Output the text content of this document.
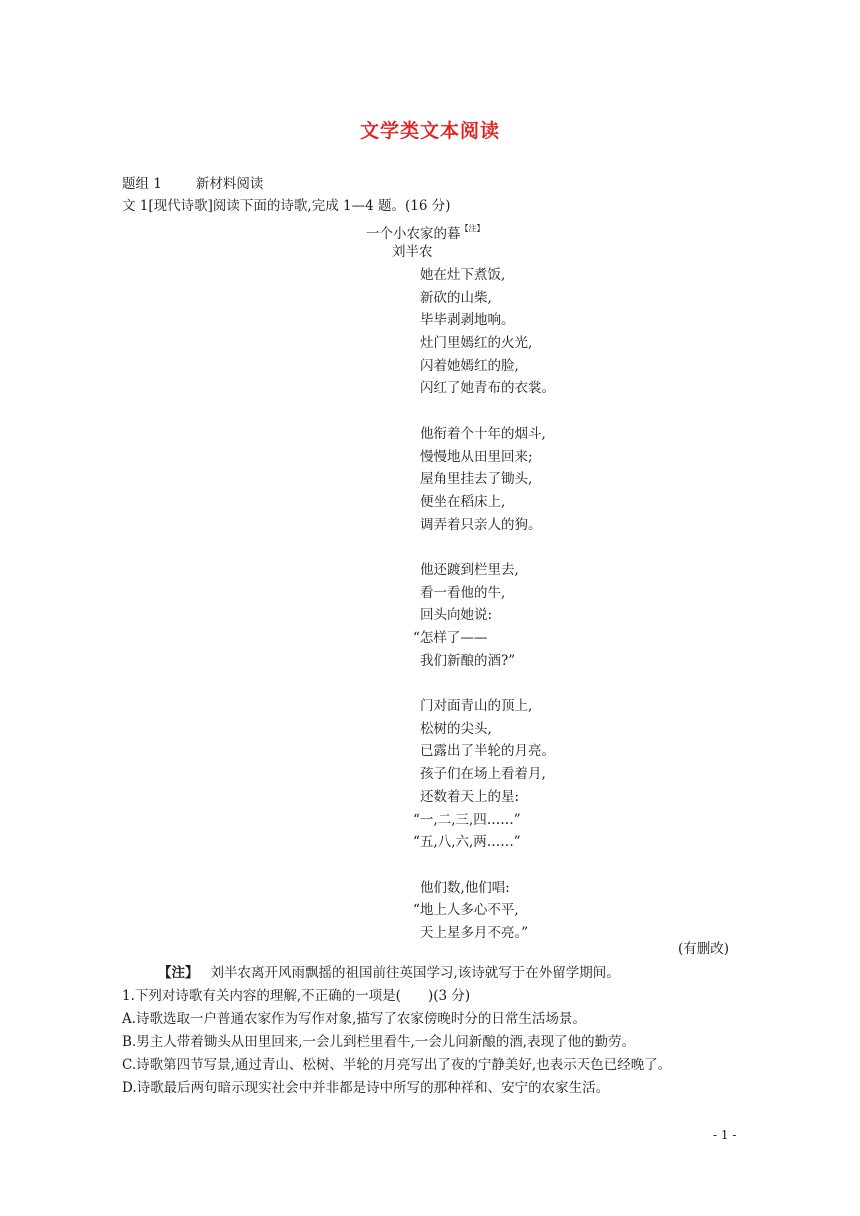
文学类文本阅读
题组 1	新材料阅读
文 1[现代诗歌]阅读下面的诗歌,完成 1—4 题。(16 分)
一个小农家的暮$^{【注】}$
刘半农
她在灶下煮饭,
新砍的山柴,
毕毕剥剥地响。
灶门里嫣红的火光,
闪着她嫣红的脸,
闪红了她青布的衣裳。
他衔着个十年的烟斗,
慢慢地从田里回来;
屋角里挂去了锄头,
便坐在稻床上,
调弄着只亲人的狗。
他还踱到栏里去,
看一看他的牛,
回头向她说:
“怎样了——
我们新酿的酒?”
门对面青山的顶上,
松树的尖头,
已露出了半轮的月亮。
孩子们在场上看着月,
还数着天上的星:
“一,二,三,四……”
“五,八,六,两……”
他们数,他们唱:
“地上人多心不平,
天上星多月不亮。”
(有删改)
【注】 刘半农离开风雨飘摇的祖国前往英国学习,该诗就写于在外留学期间。
1.下列对诗歌有关内容的理解,不正确的一项是(　　)(3 分)
A.诗歌选取一户普通农家作为写作对象,描写了农家傍晚时分的日常生活场景。
B.男主人带着锄头从田里回来,一会儿到栏里看牛,一会儿问新酿的酒,表现了他的勤劳。
C.诗歌第四节写景,通过青山、松树、半轮的月亮写出了夜的宁静美好,也表示天色已经晚了。
D.诗歌最后两句暗示现实社会中并非都是诗中所写的那种祥和、安宁的农家生活。
- 1 -
